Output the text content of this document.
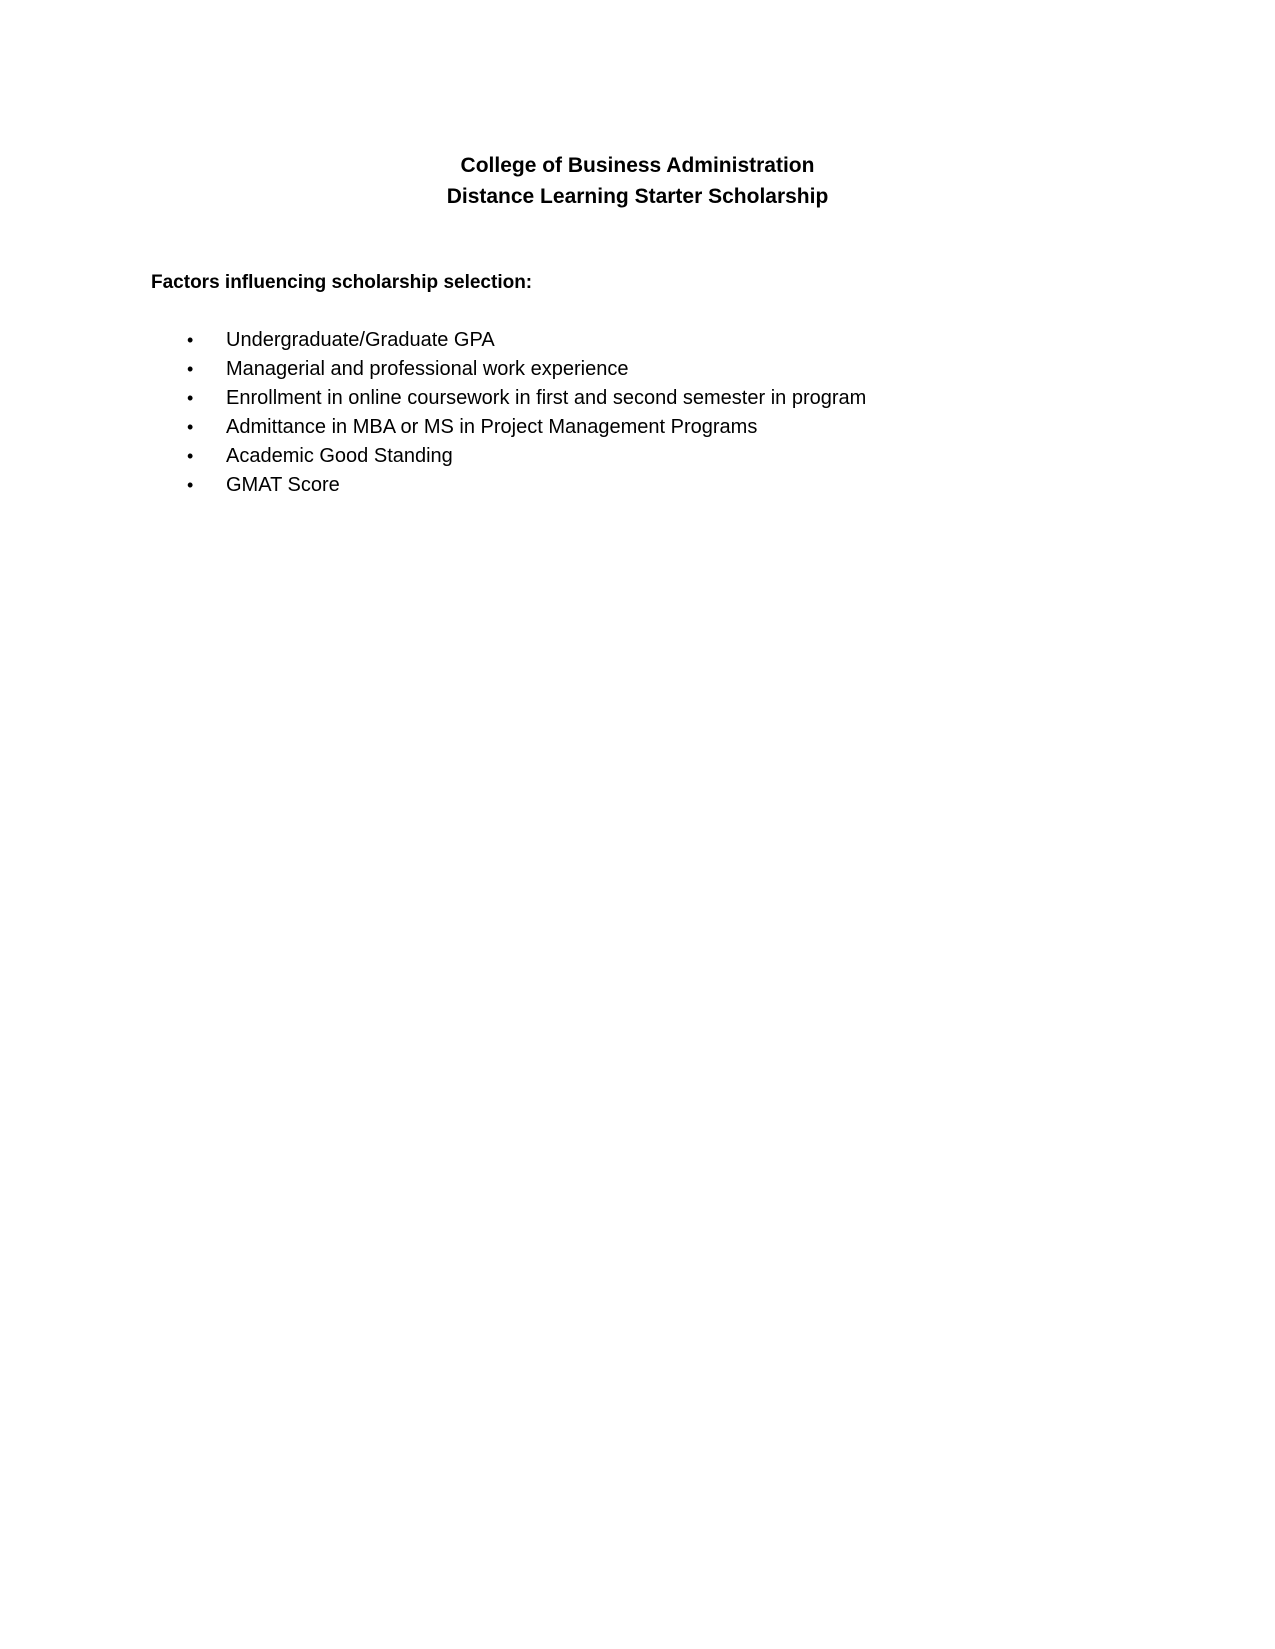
College of Business Administration
Distance Learning Starter Scholarship
Factors influencing scholarship selection:
• Undergraduate/Graduate GPA
• Managerial and professional work experience
• Enrollment in online coursework in first and second semester in program
• Admittance in MBA or MS in Project Management Programs
• Academic Good Standing
• GMAT Score
